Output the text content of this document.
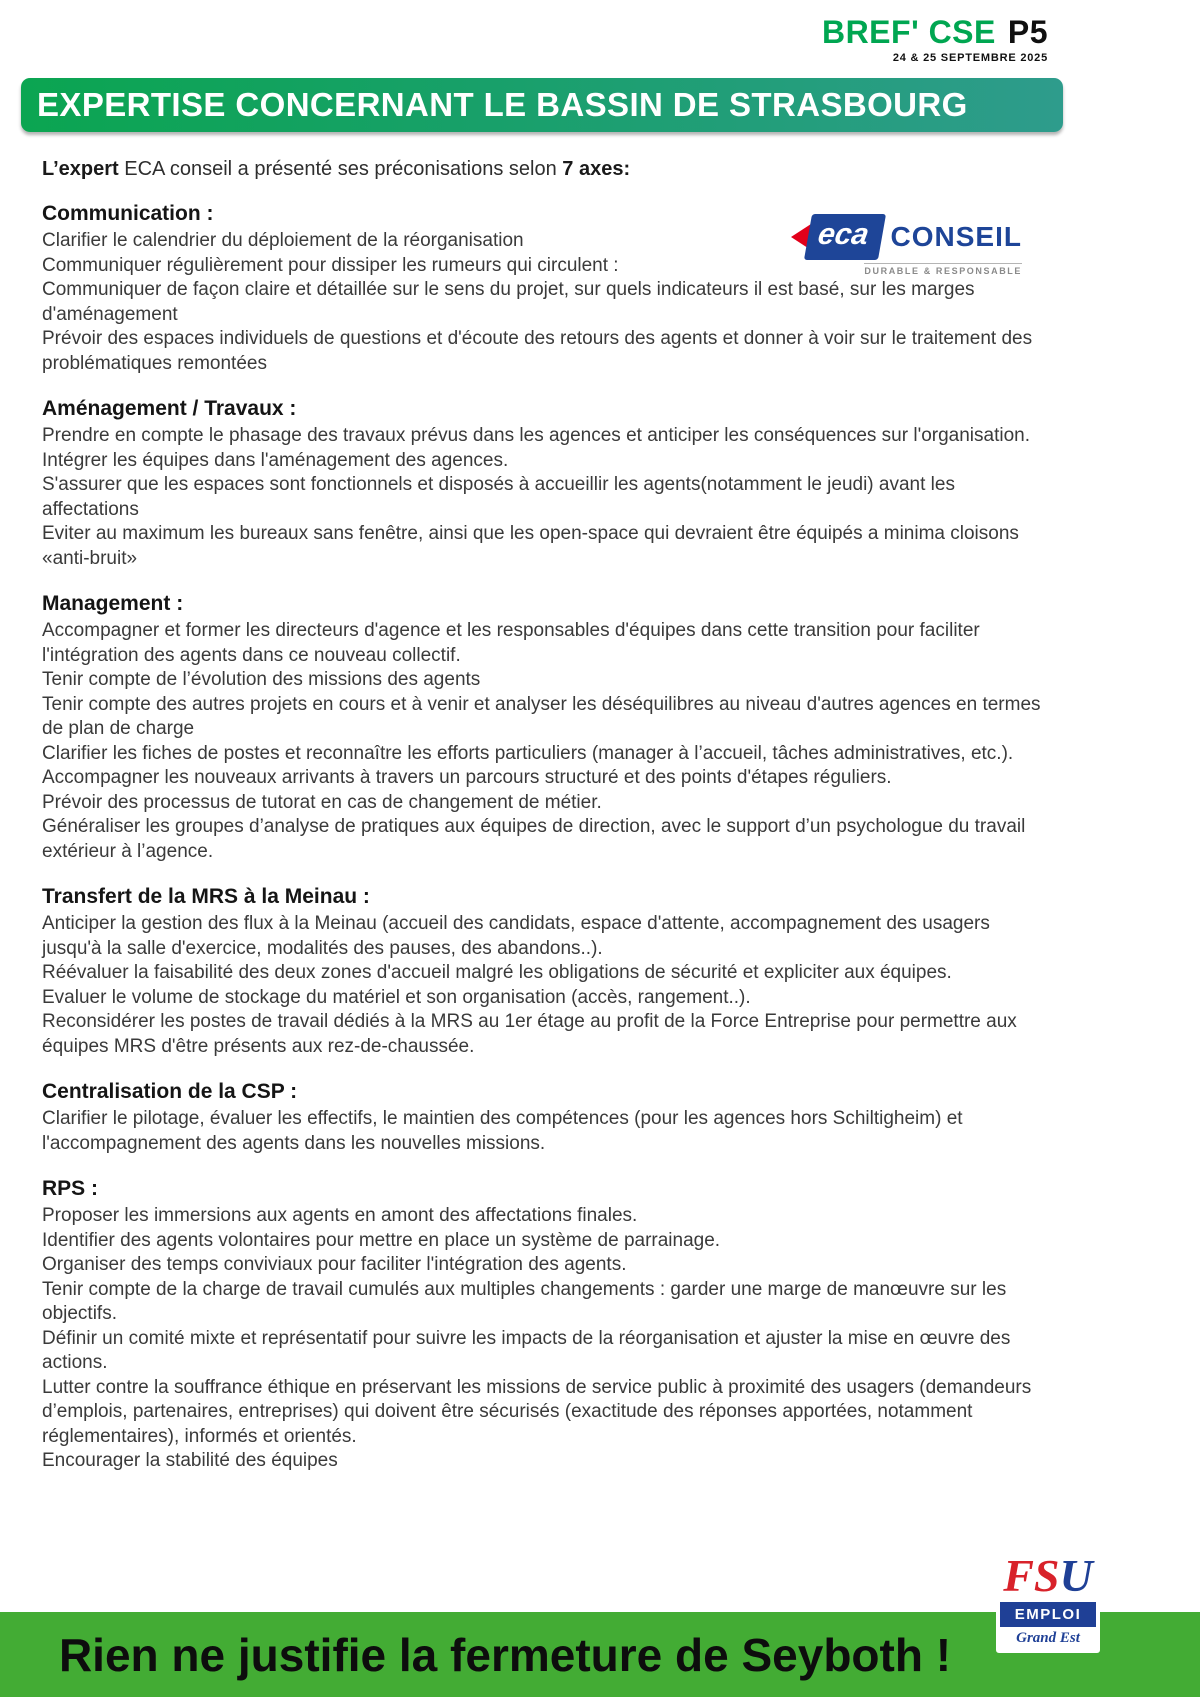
BREF' CSE P5
24 & 25 SEPTEMBRE 2025
EXPERTISE CONCERNANT LE BASSIN DE STRASBOURG

L’expert ECA conseil a présenté ses préconisations selon 7 axes:

Communication :

Clarifier le calendrier du déploiement de la réorganisation

Communiquer régulièrement pour dissiper les rumeurs qui circulent :

Communiquer de façon claire et détaillée sur le sens du projet, sur quels indicateurs il est basé, sur les marges d'aménagement

Prévoir des espaces individuels de questions et d'écoute des retours des agents et donner à voir sur le traitement des problématiques remontées

Aménagement / Travaux :

Prendre en compte le phasage des travaux prévus dans les agences et anticiper les conséquences sur l'organisation.

Intégrer les équipes dans l'aménagement des agences.

S'assurer que les espaces sont fonctionnels et disposés à accueillir les agents(notamment le jeudi) avant les affectations

Eviter au maximum les bureaux sans fenêtre, ainsi que les open-space qui devraient être équipés a minima cloisons «anti-bruit»

Management :

Accompagner et former les directeurs d'agence et les responsables d'équipes dans cette transition pour faciliter l'intégration des agents dans ce nouveau collectif.

Tenir compte de l’évolution des missions des agents

Tenir compte des autres projets en cours et à venir et analyser les déséquilibres au niveau d'autres agences en termes de plan de charge

Clarifier les fiches de postes et reconnaître les efforts particuliers (manager à l’accueil, tâches administratives, etc.).

Accompagner les nouveaux arrivants à travers un parcours structuré et des points d'étapes réguliers.

Prévoir des processus de tutorat en cas de changement de métier.

Généraliser les groupes d’analyse de pratiques aux équipes de direction, avec le support d’un psychologue du travail extérieur à l’agence.

Transfert de la MRS à la Meinau :

Anticiper la gestion des flux à la Meinau (accueil des candidats, espace d'attente, accompagnement des usagers jusqu'à la salle d'exercice, modalités des pauses, des abandons..).

Réévaluer la faisabilité des deux zones d'accueil malgré les obligations de sécurité et expliciter aux équipes.

Evaluer le volume de stockage du matériel et son organisation (accès, rangement..).

Reconsidérer les postes de travail dédiés à la MRS au 1er étage au profit de la Force Entreprise pour permettre aux équipes MRS d'être présents aux rez-de-chaussée.

Centralisation de la CSP :

Clarifier le pilotage, évaluer les effectifs, le maintien des compétences (pour les agences hors Schiltigheim) et l'accompagnement des agents dans les nouvelles missions.

RPS :

Proposer les immersions aux agents en amont des affectations finales.

Identifier des agents volontaires pour mettre en place un système de parrainage.

Organiser des temps conviviaux pour faciliter l'intégration des agents.

Tenir compte de la charge de travail cumulés aux multiples changements : garder une marge de manœuvre sur les objectifs.

Définir un comité mixte et représentatif pour suivre les impacts de la réorganisation et ajuster la mise en œuvre des actions.

Lutter contre la souffrance éthique en préservant les missions de service public à proximité des usagers (demandeurs d’emplois, partenaires, entreprises) qui doivent être sécurisés (exactitude des réponses apportées, notamment réglementaires), informés et orientés.

Encourager la stabilité des équipes

eca CONSEIL
DURABLE & RESPONSABLE
Rien ne justifie la fermeture de Seyboth !
FSU
EMPLOI
Grand Est
